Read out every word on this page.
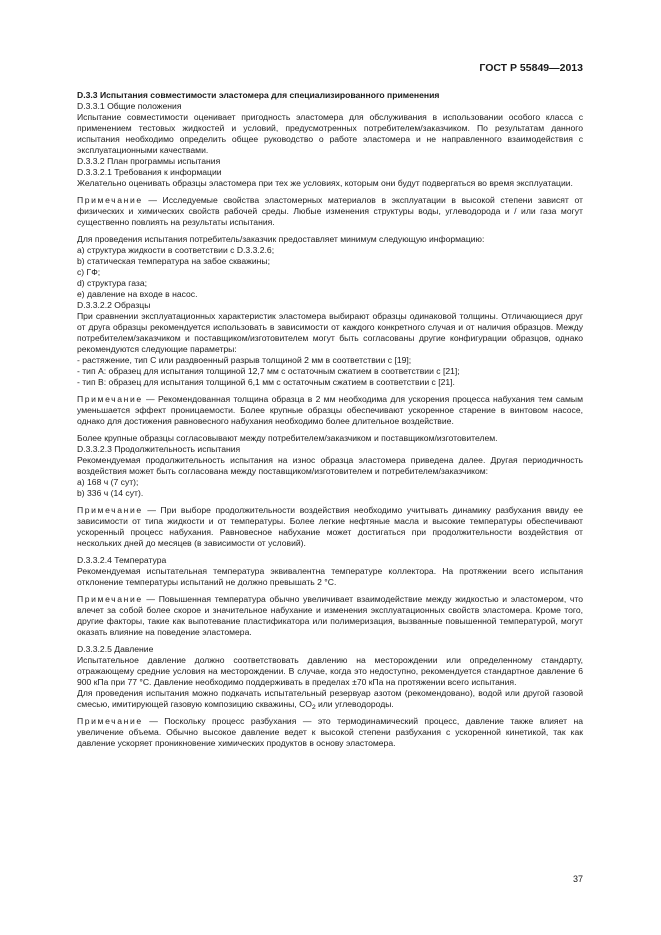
ГОСТ Р 55849—2013

D.3.3 Испытания совместимости эластомера для специализированного применения

D.3.3.1 Общие положения

Испытание совместимости оценивает пригодность эластомера для обслуживания в использовании особого класса с применением тестовых жидкостей и условий, предусмотренных потребителем/заказчиком. По результатам данного испытания необходимо определить общее руководство о работе эластомера и не направленного взаимодействия с эксплуатационными качествами.

D.3.3.2 План программы испытания

D.3.3.2.1 Требования к информации

Желательно оценивать образцы эластомера при тех же условиях, которым они будут подвергаться во время эксплуатации.

Примечание — Исследуемые свойства эластомерных материалов в эксплуатации в высокой степени зависят от физических и химических свойств рабочей среды. Любые изменения структуры воды, углеводорода и / или газа могут существенно повлиять на результаты испытания.

Для проведения испытания потребитель/заказчик предоставляет минимум следующую информацию:

a) структура жидкости в соответствии с D.3.3.2.6;

b) статическая температура на забое скважины;

c) ГФ;

d) структура газа;

e) давление на входе в насос.

D.3.3.2.2 Образцы

При сравнении эксплуатационных характеристик эластомера выбирают образцы одинаковой толщины. Отличающиеся друг от друга образцы рекомендуется использовать в зависимости от каждого конкретного случая и от наличия образцов. Между потребителем/заказчиком и поставщиком/изготовителем могут быть согласованы другие конфигурации образцов, однако рекомендуются следующие параметры:

- растяжение, тип С или раздвоенный разрыв толщиной 2 мм в соответствии с [19];

- тип А: образец для испытания толщиной 12,7 мм с остаточным сжатием в соответствии с [21];

- тип В: образец для испытания толщиной 6,1 мм с остаточным сжатием в соответствии с [21].

Примечание — Рекомендованная толщина образца в 2 мм необходима для ускорения процесса набухания тем самым уменьшается эффект проницаемости. Более крупные образцы обеспечивают ускоренное старение в винтовом насосе, однако для достижения равновесного набухания необходимо более длительное воздействие.

Более крупные образцы согласовывают между потребителем/заказчиком и поставщиком/изготовителем.

D.3.3.2.3 Продолжительность испытания

Рекомендуемая продолжительность испытания на износ образца эластомера приведена далее. Другая периодичность воздействия может быть согласована между поставщиком/изготовителем и потребителем/заказчиком:

a) 168 ч (7 сут);

b) 336 ч (14 сут).

Примечание — При выборе продолжительности воздействия необходимо учитывать динамику разбухания ввиду ее зависимости от типа жидкости и от температуры. Более легкие нефтяные масла и высокие температуры обеспечивают ускоренный процесс набухания. Равновесное набухание может достигаться при продолжительности воздействия от нескольких дней до месяцев (в зависимости от условий).

D.3.3.2.4 Температура

Рекомендуемая испытательная температура эквивалентна температуре коллектора. На протяжении всего испытания отклонение температуры испытаний не должно превышать 2 °С.

Примечание — Повышенная температура обычно увеличивает взаимодействие между жидкостью и эластомером, что влечет за собой более скорое и значительное набухание и изменения эксплуатационных свойств эластомера. Кроме того, другие факторы, такие как выпотевание пластификатора или полимеризация, вызванные повышенной температурой, могут оказать влияние на поведение эластомера.

D.3.3.2.5 Давление

Испытательное давление должно соответствовать давлению на месторождении или определенному стандарту, отражающему средние условия на месторождении. В случае, когда это недоступно, рекомендуется стандартное давление 6 900 кПа при 77 °С. Давление необходимо поддерживать в пределах ±70 кПа на протяжении всего испытания.

Для проведения испытания можно подкачать испытательный резервуар азотом (рекомендовано), водой или другой газовой смесью, имитирующей газовую композицию скважины, $CO_2$ или углеводороды.

Примечание — Поскольку процесс разбухания — это термодинамический процесс, давление также влияет на увеличение объема. Обычно высокое давление ведет к высокой степени разбухания с ускоренной кинетикой, так как давление ускоряет проникновение химических продуктов в основу эластомера.

37
